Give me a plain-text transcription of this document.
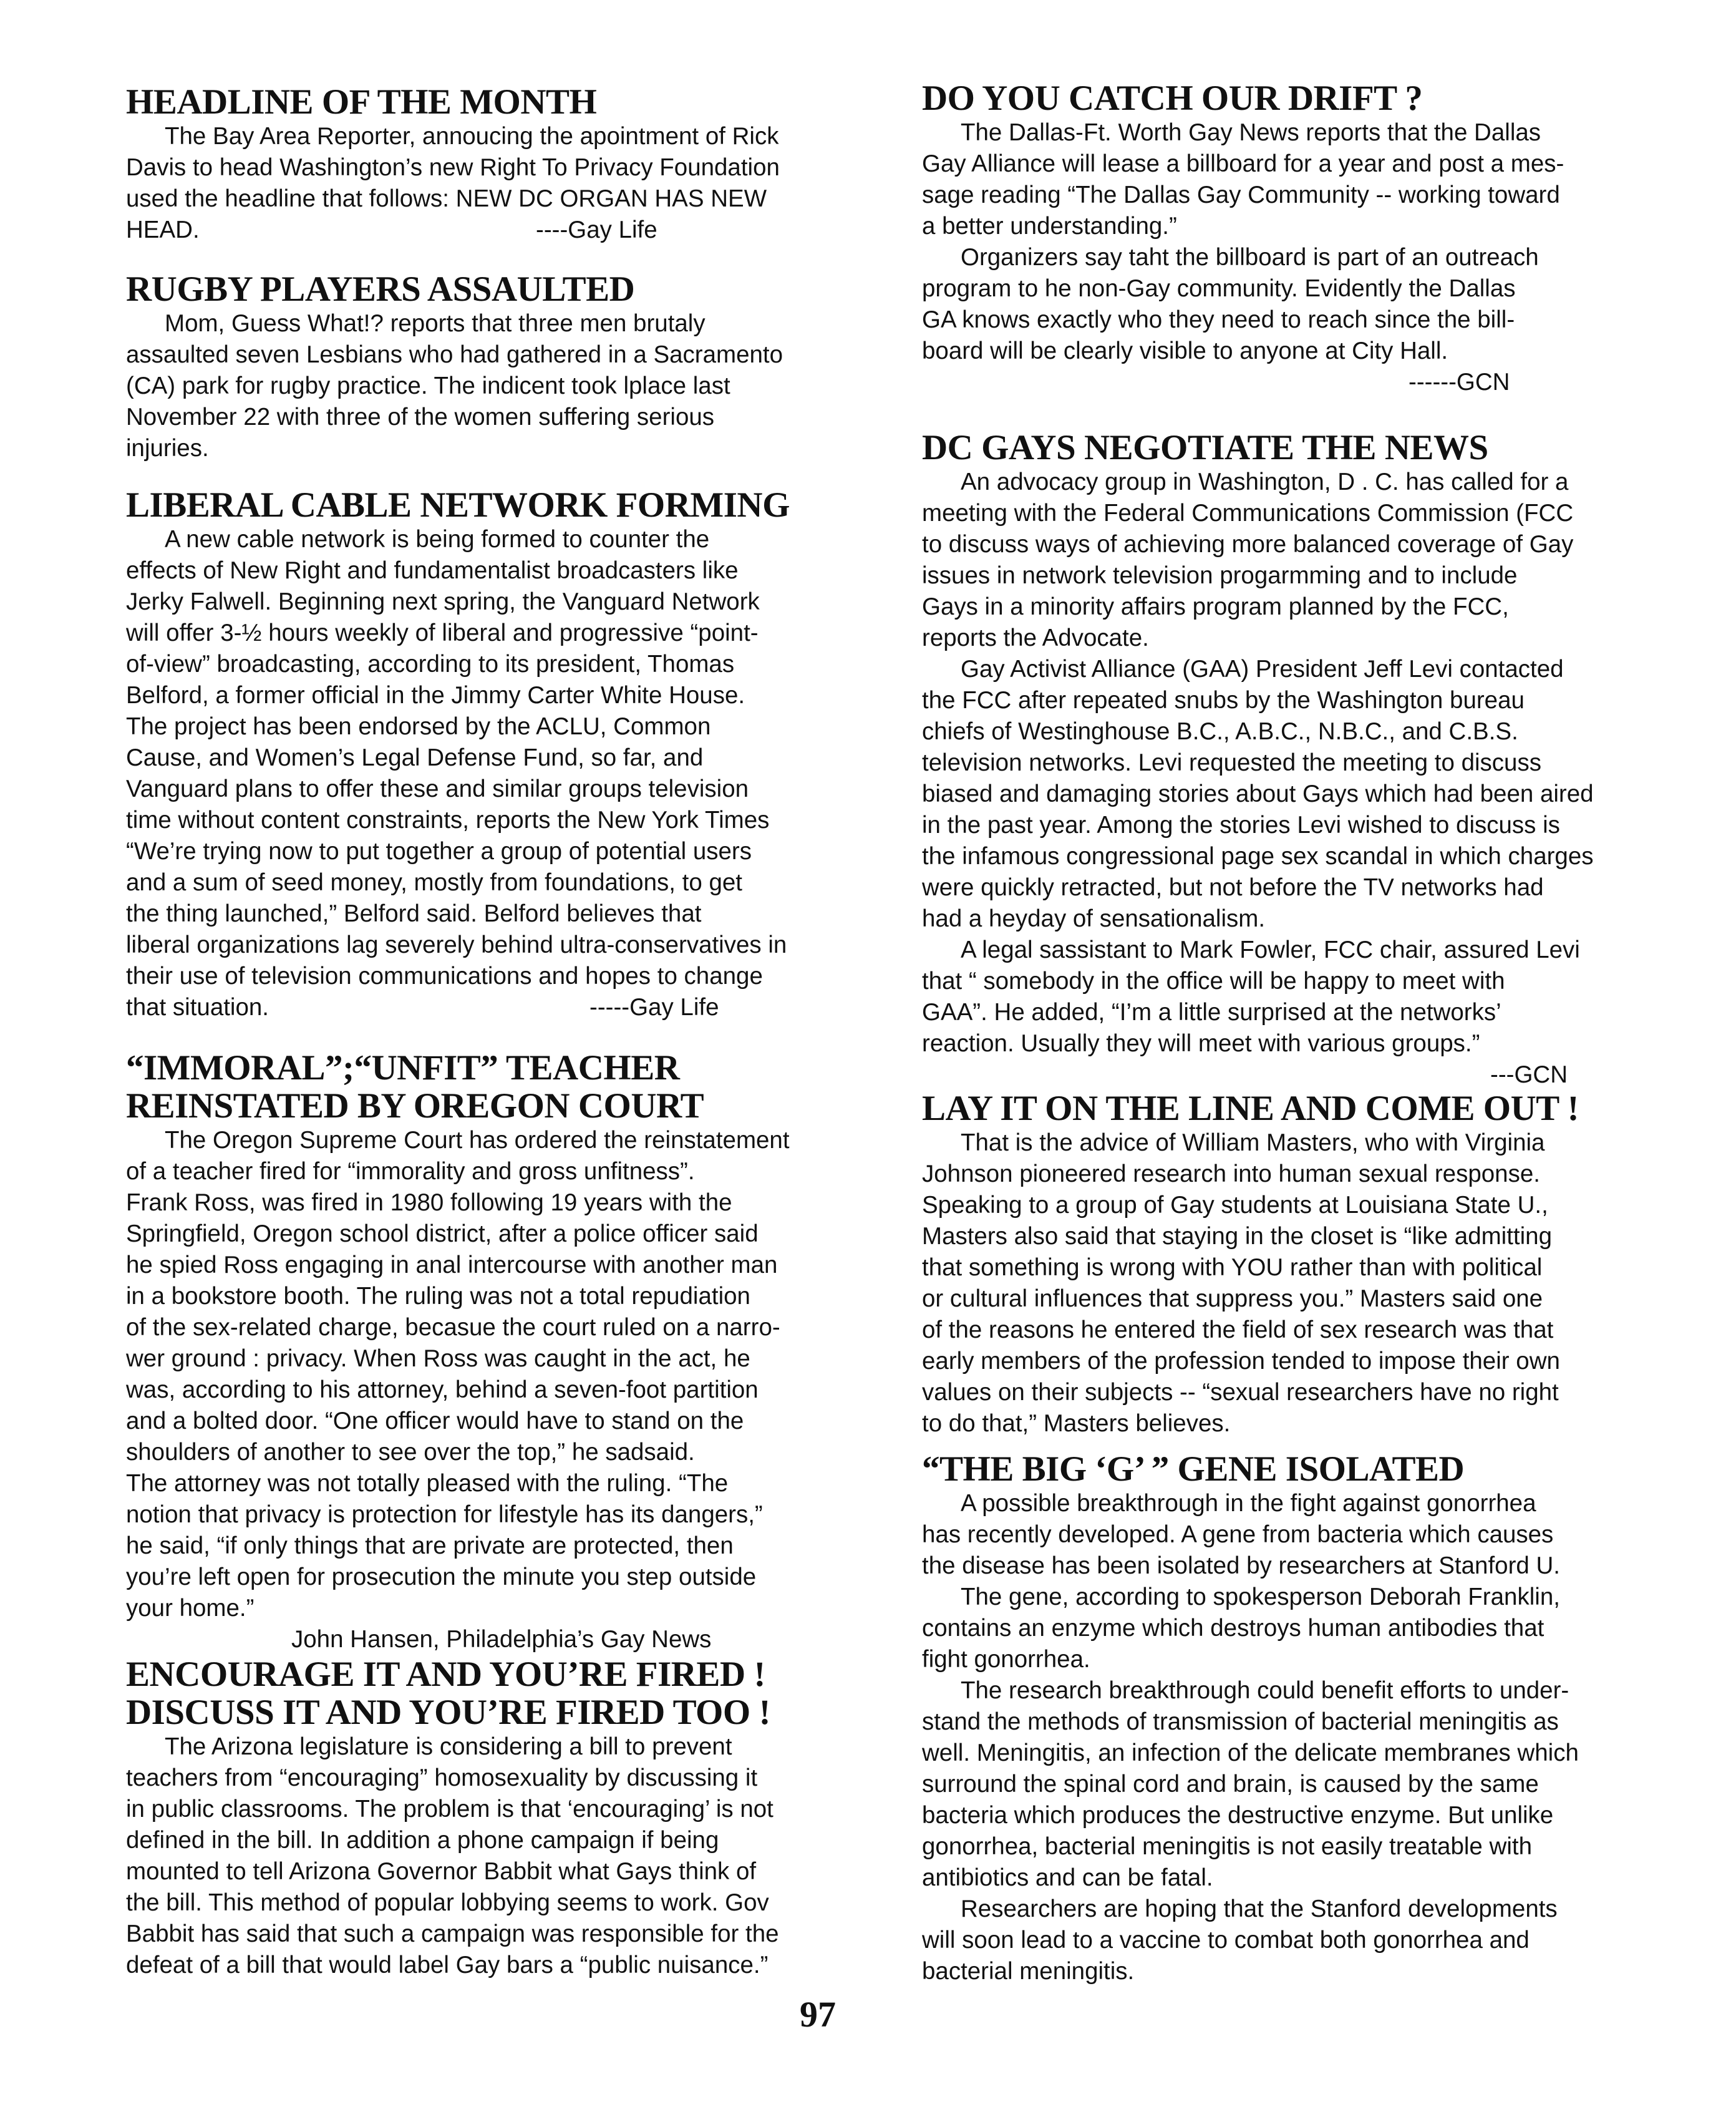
HEADLINE OF THE MONTH
The Bay Area Reporter, annoucing the apointment of Rick
Davis to head Washington’s new Right To Privacy Foundation
used the headline that follows: NEW DC ORGAN HAS NEW
HEAD.	----Gay Life
RUGBY PLAYERS ASSAULTED
Mom, Guess What!? reports that three men brutaly
assaulted seven Lesbians who had gathered in a Sacramento
(CA) park for rugby practice. The indicent took lplace last
November 22 with three of the women suffering serious
injuries.
LIBERAL CABLE NETWORK FORMING
A new cable network is being formed to counter the
effects of New Right and fundamentalist broadcasters like
Jerky Falwell. Beginning next spring, the Vanguard Network
will offer 3-½ hours weekly of liberal and progressive “point-
of-view” broadcasting, according to its president, Thomas
Belford, a former official in the Jimmy Carter White House.
The project has been endorsed by the ACLU, Common
Cause, and Women’s Legal Defense Fund, so far, and
Vanguard plans to offer these and similar groups television
time without content constraints, reports the New York Times
“We’re trying now to put together a group of potential users
and a sum of seed money, mostly from foundations, to get
the thing launched,” Belford said. Belford believes that
liberal organizations lag severely behind ultra-conservatives in
their use of television communications and hopes to change
that situation.	-----Gay Life
“IMMORAL”;“UNFIT” TEACHER
REINSTATED BY OREGON COURT
The Oregon Supreme Court has ordered the reinstatement
of a teacher fired for “immorality and gross unfitness”.
Frank Ross, was fired in 1980 following 19 years with the
Springfield, Oregon school district, after a police officer said
he spied Ross engaging in anal intercourse with another man
in a bookstore booth. The ruling was not a total repudiation
of the sex-related charge, becasue the court ruled on a narro-
wer ground : privacy. When Ross was caught in the act, he
was, according to his attorney, behind a seven-foot partition
and a bolted door. “One officer would have to stand on the
shoulders of another to see over the top,” he sadsaid.
The attorney was not totally pleased with the ruling. “The
notion that privacy is protection for lifestyle has its dangers,”
he said, “if only things that are private are protected, then
you’re left open for prosecution the minute you step outside
your home.”
John Hansen, Philadelphia’s Gay News
ENCOURAGE IT AND YOU’RE FIRED !
DISCUSS IT AND YOU’RE FIRED TOO !
The Arizona legislature is considering a bill to prevent
teachers from “encouraging” homosexuality by discussing it
in public classrooms. The problem is that ‘encouraging’ is not
defined in the bill. In addition a phone campaign if being
mounted to tell Arizona Governor Babbit what Gays think of
the bill. This method of popular lobbying seems to work. Gov
Babbit has said that such a campaign was responsible for the
defeat of a bill that would label Gay bars a “public nuisance.”
DO YOU CATCH OUR DRIFT ?
The Dallas-Ft. Worth Gay News reports that the Dallas
Gay Alliance will lease a billboard for a year and post a mes-
sage reading “The Dallas Gay Community -- working toward
a better understanding.”
Organizers say taht the billboard is part of an outreach
program to he non-Gay community. Evidently the Dallas
GA knows exactly who they need to reach since the bill-
board will be clearly visible to anyone at City Hall.
------GCN
DC GAYS NEGOTIATE THE NEWS
An advocacy group in Washington, D . C. has called for a
meeting with the Federal Communications Commission (FCC
to discuss ways of achieving more balanced coverage of Gay
issues in network television progarmming and to include
Gays in a minority affairs program planned by the FCC,
reports the Advocate.
Gay Activist Alliance (GAA) President Jeff Levi contacted
the FCC after repeated snubs by the Washington bureau
chiefs of Westinghouse B.C., A.B.C., N.B.C., and C.B.S.
television networks. Levi requested the meeting to discuss
biased and damaging stories about Gays which had been aired
in the past year. Among the stories Levi wished to discuss is
the infamous congressional page sex scandal in which charges
were quickly retracted, but not before the TV networks had
had a heyday of sensationalism.
A legal sassistant to Mark Fowler, FCC chair, assured Levi
that “ somebody in the office will be happy to meet with
GAA”. He added, “I’m a little surprised at the networks’
reaction. Usually they will meet with various groups.”
---GCN
LAY IT ON THE LINE AND COME OUT !
That is the advice of William Masters, who with Virginia
Johnson pioneered research into human sexual response.
Speaking to a group of Gay students at Louisiana State U.,
Masters also said that staying in the closet is “like admitting
that something is wrong with YOU rather than with political
or cultural influences that suppress you.” Masters said one
of the reasons he entered the field of sex research was that
early members of the profession tended to impose their own
values on their subjects -- “sexual researchers have no right
to do that,” Masters believes.
“THE BIG ‘G’ ” GENE ISOLATED
A possible breakthrough in the fight against gonorrhea
has recently developed. A gene from bacteria which causes
the disease has been isolated by researchers at Stanford U.
The gene, according to spokesperson Deborah Franklin,
contains an enzyme which destroys human antibodies that
fight gonorrhea.
The research breakthrough could benefit efforts to under-
stand the methods of transmission of bacterial meningitis as
well. Meningitis, an infection of the delicate membranes which
surround the spinal cord and brain, is caused by the same
bacteria which produces the destructive enzyme. But unlike
gonorrhea, bacterial meningitis is not easily treatable with
antibiotics and can be fatal.
Researchers are hoping that the Stanford developments
will soon lead to a vaccine to combat both gonorrhea and
bacterial meningitis.
97
